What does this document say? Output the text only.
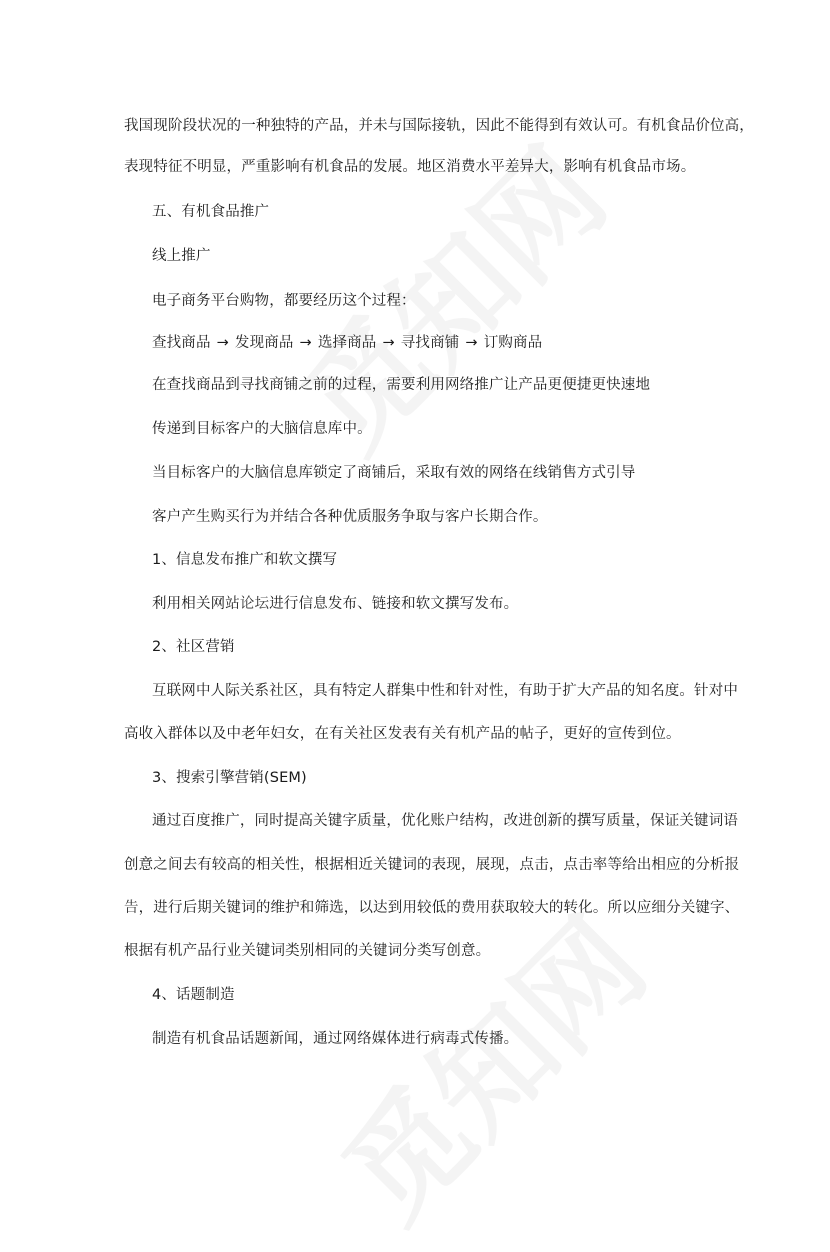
我国现阶段状况的一种独特的产品，并未与国际接轨，因此不能得到有效认可。有机食品价位高，
表现特征不明显，严重影响有机食品的发展。地区消费水平差异大，影响有机食品市场。
五、有机食品推广
线上推广
电子商务平台购物，都要经历这个过程：
查找商品 → 发现商品 → 选择商品 → 寻找商铺 → 订购商品
在查找商品到寻找商铺之前的过程，需要利用网络推广让产品更便捷更快速地
传递到目标客户的大脑信息库中。
当目标客户的大脑信息库锁定了商铺后，采取有效的网络在线销售方式引导
客户产生购买行为并结合各种优质服务争取与客户长期合作。
1、信息发布推广和软文撰写
利用相关网站论坛进行信息发布、链接和软文撰写发布。
2、社区营销
互联网中人际关系社区，具有特定人群集中性和针对性，有助于扩大产品的知名度。针对中
高收入群体以及中老年妇女，在有关社区发表有关有机产品的帖子，更好的宣传到位。
3、搜索引擎营销(SEM)
通过百度推广，同时提高关键字质量，优化账户结构，改进创新的撰写质量，保证关键词语
创意之间去有较高的相关性，根据相近关键词的表现，展现，点击，点击率等给出相应的分析报
告，进行后期关键词的维护和筛选，以达到用较低的费用获取较大的转化。所以应细分关键字、
根据有机产品行业关键词类别相同的关键词分类写创意。
4、话题制造
制造有机食品话题新闻，通过网络媒体进行病毒式传播。
